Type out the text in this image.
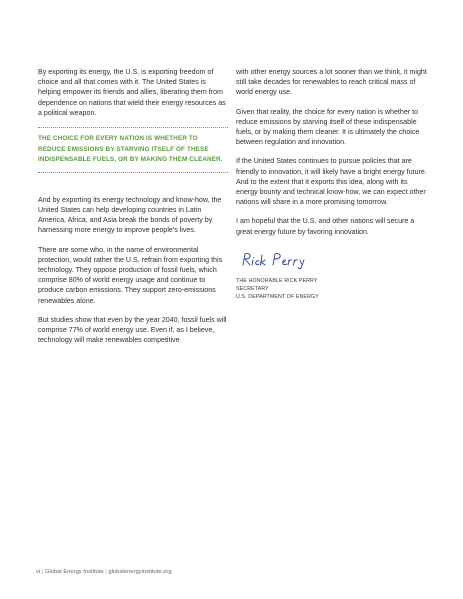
By exporting its energy, the U.S. is exporting freedom of choice and all that comes with it. The United States is helping empower its friends and allies, liberating them from dependence on nations that wield their energy resources as a political weapon.

THE CHOICE FOR EVERY NATION IS WHETHER TO
REDUCE EMISSIONS BY STARVING ITSELF OF THESE
INDISPENSABLE FUELS, OR BY MAKING THEM CLEANER.

And by exporting its energy technology and know-how, the United States can help developing countries in Latin America, Africa, and Asia break the bonds of poverty by harnessing more energy to improve people's lives.

There are some who, in the name of environmental protection, would rather the U.S. refrain from exporting this technology. They oppose production of fossil fuels, which comprise 80% of world energy usage and continue to produce carbon emissions. They support zero-emissions renewables alone.

But studies show that even by the year 2040, fossil fuels will comprise 77% of world energy use. Even if, as I believe, technology will make renewables competitive

with other energy sources a lot sooner than we think, it might still take decades for renewables to reach critical mass of world energy use.

Given that reality, the choice for every nation is whether to reduce emissions by starving itself of these indispensable fuels, or by making them cleaner. It is ultimately the choice between regulation and innovation.

If the United States continues to pursue policies that are friendly to innovation, it will likely have a bright energy future. And to the extent that it exports this idea, along with its energy bounty and technical know-how, we can expect other nations will share in a more promising tomorrow.

I am hopeful that the U.S. and other nations will secure a great energy future by favoring innovation.

THE HONORABLE RICK PERRY
SECRETARY
U.S. DEPARTMENT OF ENERGY
vi | Global Energy Institute | globalenergyinstitute.org
